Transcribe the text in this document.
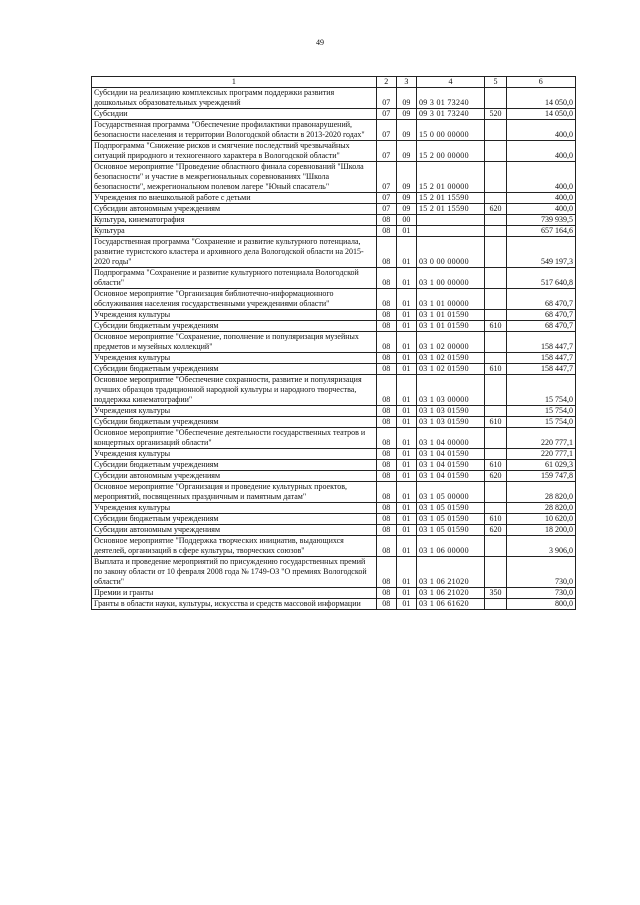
49
1	2	3	4	5	6
Субсидии на реализацию комплексных программ поддержки развития дошкольных образовательных учреждений	07	09	09 3 01 73240		14 050,0
Субсидии	07	09	09 3 01 73240	520	14 050,0
Государственная программа "Обеспечение профилактики правонарушений, безопасности населения и территории Вологодской области в 2013-2020 годах"	07	09	15 0 00 00000		400,0
Подпрограмма "Снижение рисков и смягчение последствий чрезвычайных ситуаций природного и техногенного характера в Вологодской области"	07	09	15 2 00 00000		400,0
Основное мероприятие "Проведение областного финала соревнований "Школа безопасности" и участие в межрегиональных соревнованиях "Школа безопасности", межрегиональном полевом лагере "Юный спасатель"	07	09	15 2 01 00000		400,0
Учреждения по внешкольной работе с детьми	07	09	15 2 01 15590		400,0
Субсидии автономным учреждениям	07	09	15 2 01 15590	620	400,0
Культура, кинематография	08	00			739 939,5
Культура	08	01			657 164,6
Государственная программа "Сохранение и развитие культурного потенциала, развитие туристского кластера и архивного дела Вологодской области на 2015-2020 годы"	08	01	03 0 00 00000		549 197,3
Подпрограмма "Сохранение и развитие культурного потенциала Вологодской области"	08	01	03 1 00 00000		517 640,8
Основное мероприятие "Организация библиотечно-информационного обслуживания населения государственными учреждениями области"	08	01	03 1 01 00000		68 470,7
Учреждения культуры	08	01	03 1 01 01590		68 470,7
Субсидии бюджетным учреждениям	08	01	03 1 01 01590	610	68 470,7
Основное мероприятие "Сохранение, пополнение и популяризация музейных предметов и музейных коллекций"	08	01	03 1 02 00000		158 447,7
Учреждения культуры	08	01	03 1 02 01590		158 447,7
Субсидии бюджетным учреждениям	08	01	03 1 02 01590	610	158 447,7
Основное мероприятие "Обеспечение сохранности, развитие и популяризация лучших образцов традиционной народной культуры и народного творчества, поддержка кинематографии"	08	01	03 1 03 00000		15 754,0
Учреждения культуры	08	01	03 1 03 01590		15 754,0
Субсидии бюджетным учреждениям	08	01	03 1 03 01590	610	15 754,0
Основное мероприятие "Обеспечение деятельности государственных театров и концертных организаций области"	08	01	03 1 04 00000		220 777,1
Учреждения культуры	08	01	03 1 04 01590		220 777,1
Субсидии бюджетным учреждениям	08	01	03 1 04 01590	610	61 029,3
Субсидии автономным учреждениям	08	01	03 1 04 01590	620	159 747,8
Основное мероприятие "Организация и проведение культурных проектов, мероприятий, посвященных праздничным и памятным датам"	08	01	03 1 05 00000		28 820,0
Учреждения культуры	08	01	03 1 05 01590		28 820,0
Субсидии бюджетным учреждениям	08	01	03 1 05 01590	610	10 620,0
Субсидии автономным учреждениям	08	01	03 1 05 01590	620	18 200,0
Основное мероприятие "Поддержка творческих инициатив, выдающихся деятелей, организаций в сфере культуры, творческих союзов"	08	01	03 1 06 00000		3 906,0
Выплата и проведение мероприятий по присуждению государственных премий по закону области от 10 февраля 2008 года № 1749-ОЗ "О премиях Вологодской области"	08	01	03 1 06 21020		730,0
Премии и гранты	08	01	03 1 06 21020	350	730,0
Гранты в области науки, культуры, искусства и средств массовой информации	08	01	03 1 06 61620		800,0
